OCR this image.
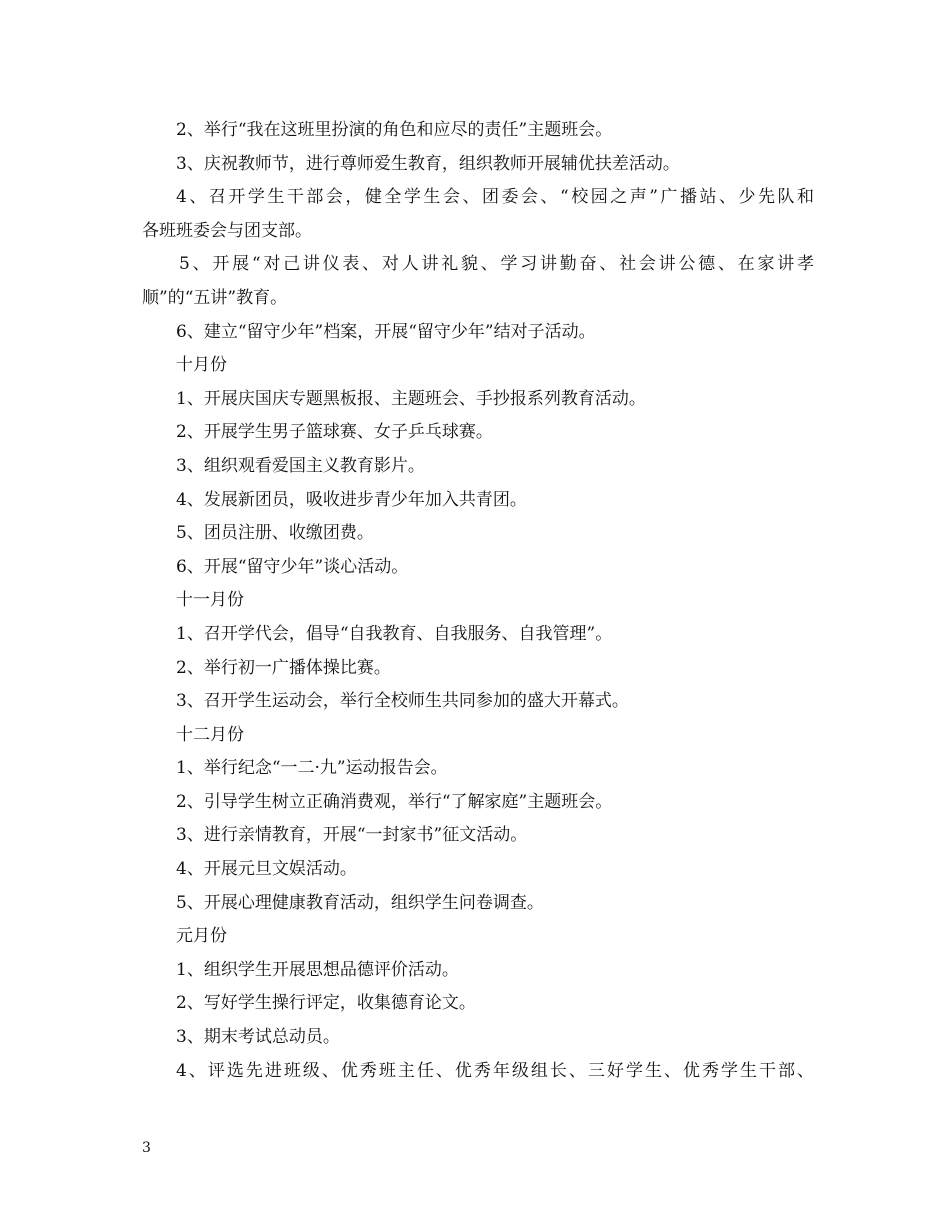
2、举行“我在这班里扮演的角色和应尽的责任”主题班会。
3、庆祝教师节，进行尊师爱生教育，组织教师开展辅优扶差活动。
4、召开学生干部会，健全学生会、团委会、“校园之声”广播站、少先队和
各班班委会与团支部。
5、开展“对己讲仪表、对人讲礼貌、学习讲勤奋、社会讲公德、在家讲孝
顺”的“五讲”教育。
6、建立“留守少年”档案，开展“留守少年”结对子活动。
十月份
1、开展庆国庆专题黑板报、主题班会、手抄报系列教育活动。
2、开展学生男子篮球赛、女子乒乓球赛。
3、组织观看爱国主义教育影片。
4、发展新团员，吸收进步青少年加入共青团。
5、团员注册、收缴团费。
6、开展“留守少年”谈心活动。
十一月份
1、召开学代会，倡导“自我教育、自我服务、自我管理”。
2、举行初一广播体操比赛。
3、召开学生运动会，举行全校师生共同参加的盛大开幕式。
十二月份
1、举行纪念“一二·九”运动报告会。
2、引导学生树立正确消费观，举行“了解家庭”主题班会。
3、进行亲情教育，开展“一封家书”征文活动。
4、开展元旦文娱活动。
5、开展心理健康教育活动，组织学生问卷调查。
元月份
1、组织学生开展思想品德评价活动。
2、写好学生操行评定，收集德育论文。
3、期末考试总动员。
4、评选先进班级、优秀班主任、优秀年级组长、三好学生、优秀学生干部、
3
